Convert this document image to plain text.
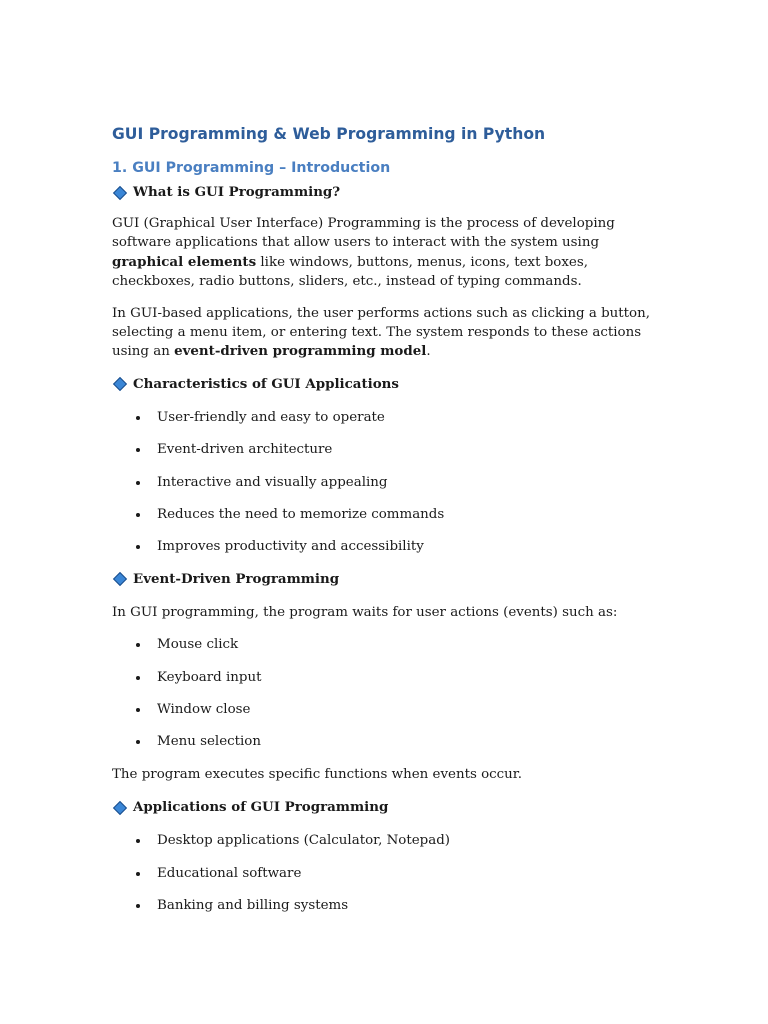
GUI Programming & Web Programming in Python
1. GUI Programming – Introduction
What is GUI Programming?

GUI (Graphical User Interface) Programming is the process of developing software applications that allow users to interact with the system using graphical elements like windows, buttons, menus, icons, text boxes, checkboxes, radio buttons, sliders, etc., instead of typing commands.

In GUI-based applications, the user performs actions such as clicking a button, selecting a menu item, or entering text. The system responds to these actions using an event-driven programming model.

Characteristics of GUI Applications
User-friendly and easy to operate
Event-driven architecture
Interactive and visually appealing
Reduces the need to memorize commands
Improves productivity and accessibility
Event-Driven Programming

In GUI programming, the program waits for user actions (events) such as:

Mouse click
Keyboard input
Window close
Menu selection

The program executes specific functions when events occur.

Applications of GUI Programming
Desktop applications (Calculator, Notepad)
Educational software
Banking and billing systems
